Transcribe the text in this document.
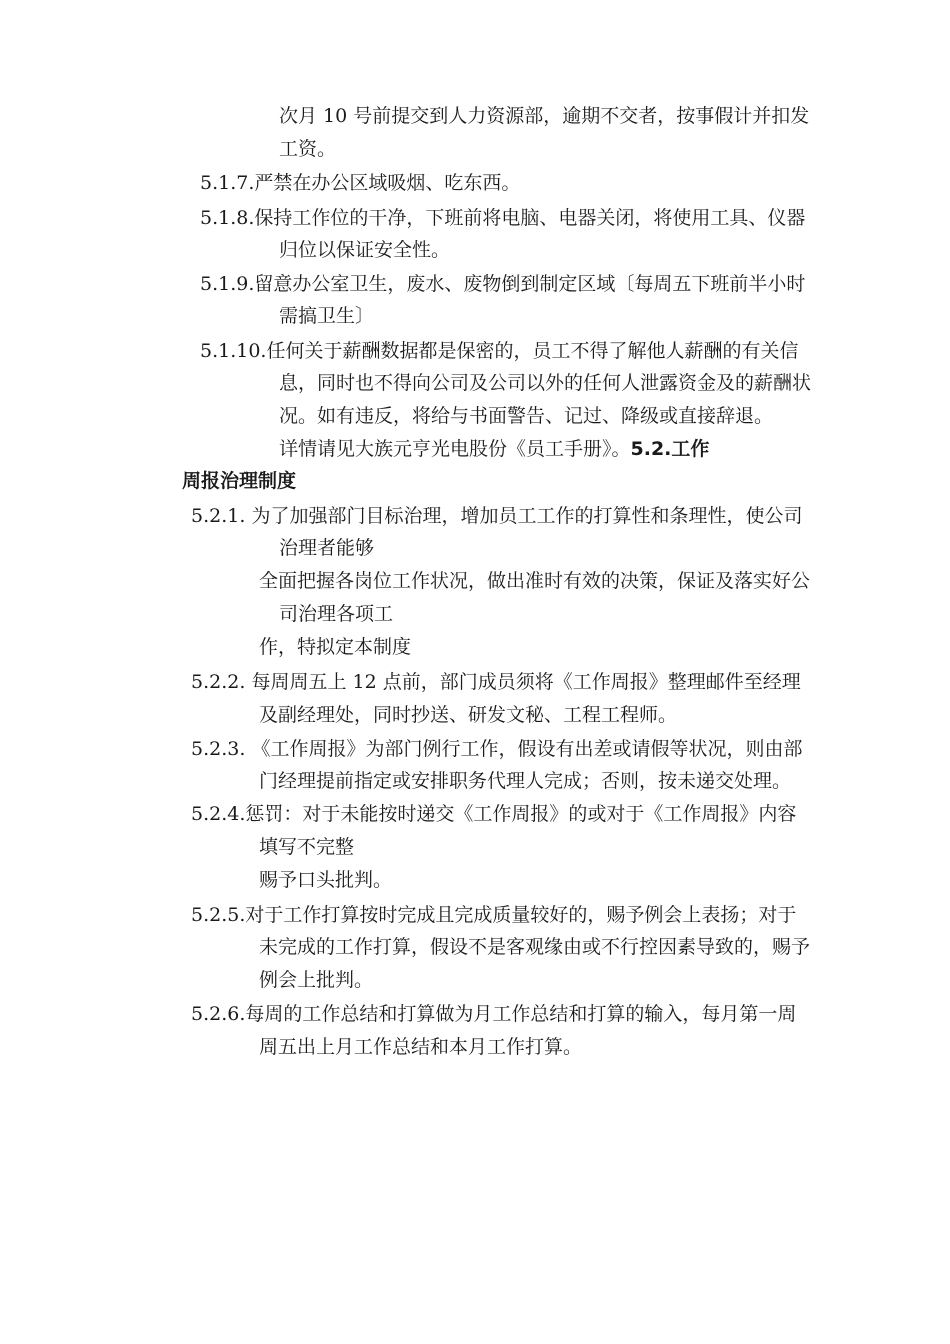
次月 10 号前提交到人力资源部，逾期不交者，按事假计并扣发
工资。
5.1.7.严禁在办公区域吸烟、吃东西。
5.1.8.保持工作位的干净，下班前将电脑、电器关闭，将使用工具、仪器
归位以保证安全性。
5.1.9.留意办公室卫生，废水、废物倒到制定区域〔每周五下班前半小时
需搞卫生〕
5.1.10.任何关于薪酬数据都是保密的，员工不得了解他人薪酬的有关信
息，同时也不得向公司及公司以外的任何人泄露资金及的薪酬状
况。如有违反，将给与书面警告、记过、降级或直接辞退。
详情请见大族元亨光电股份《员工手册》。5.2.工作
周报治理制度
5.2.1. 为了加强部门目标治理，增加员工工作的打算性和条理性，使公司
治理者能够
全面把握各岗位工作状况，做出准时有效的决策，保证及落实好公
司治理各项工
作，特拟定本制度
5.2.2. 每周周五上 12 点前，部门成员须将《工作周报》整理邮件至经理
及副经理处，同时抄送、研发文秘、工程工程师。
5.2.3. 《工作周报》为部门例行工作，假设有出差或请假等状况，则由部
门经理提前指定或安排职务代理人完成；否则，按未递交处理。
5.2.4.惩罚：对于未能按时递交《工作周报》的或对于《工作周报》内容
填写不完整
赐予口头批判。
5.2.5.对于工作打算按时完成且完成质量较好的，赐予例会上表扬；对于
未完成的工作打算，假设不是客观缘由或不行控因素导致的，赐予
例会上批判。
5.2.6.每周的工作总结和打算做为月工作总结和打算的输入，每月第一周
周五出上月工作总结和本月工作打算。
